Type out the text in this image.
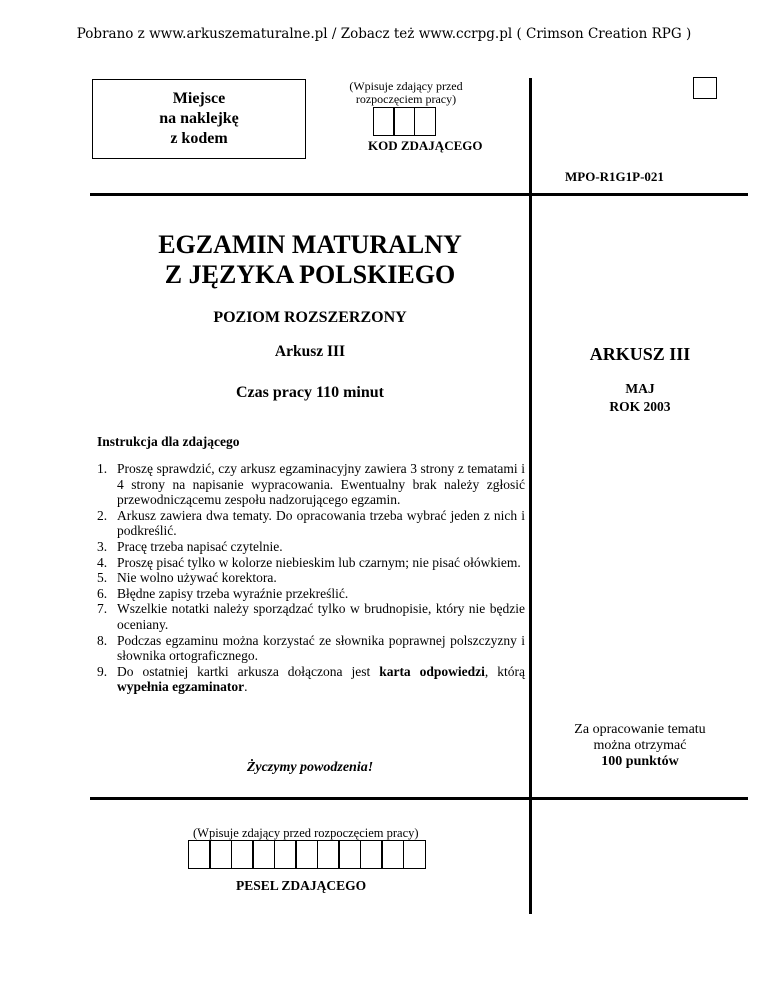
Pobrano z www.arkuszematuralne.pl / Zobacz też www.ccrpg.pl ( Crimson Creation RPG )
Miejsce
na naklejkę
z kodem
(Wpisuje zdający przed
rozpoczęciem pracy)
KOD ZDAJĄCEGO
MPO-R1G1P-021
EGZAMIN MATURALNY
Z JĘZYKA POLSKIEGO
POZIOM ROZSZERZONY
Arkusz III
Czas pracy 110 minut
ARKUSZ III
MAJ
ROK 2003
Instrukcja dla zdającego
1. Proszę sprawdzić, czy arkusz egzaminacyjny zawiera 3 strony z tematami i 4 strony na napisanie wypracowania. Ewentualny brak należy zgłosić przewodniczącemu zespołu nadzorującego egzamin.
2. Arkusz zawiera dwa tematy. Do opracowania trzeba wybrać jeden z nich i podkreślić.
3. Pracę trzeba napisać czytelnie.
4. Proszę pisać tylko w kolorze niebieskim lub czarnym; nie pisać ołówkiem.
5. Nie wolno używać korektora.
6. Błędne zapisy trzeba wyraźnie przekreślić.
7. Wszelkie notatki należy sporządzać tylko w brudnopisie, który nie będzie oceniany.
8. Podczas egzaminu można korzystać ze słownika poprawnej polszczyzny i słownika ortograficznego.
9. Do ostatniej kartki arkusza dołączona jest karta odpowiedzi, którą wypełnia egzaminator.
Życzymy powodzenia!
Za opracowanie tematu
można otrzymać
100 punktów
(Wpisuje zdający przed rozpoczęciem pracy)
PESEL ZDAJĄCEGO
